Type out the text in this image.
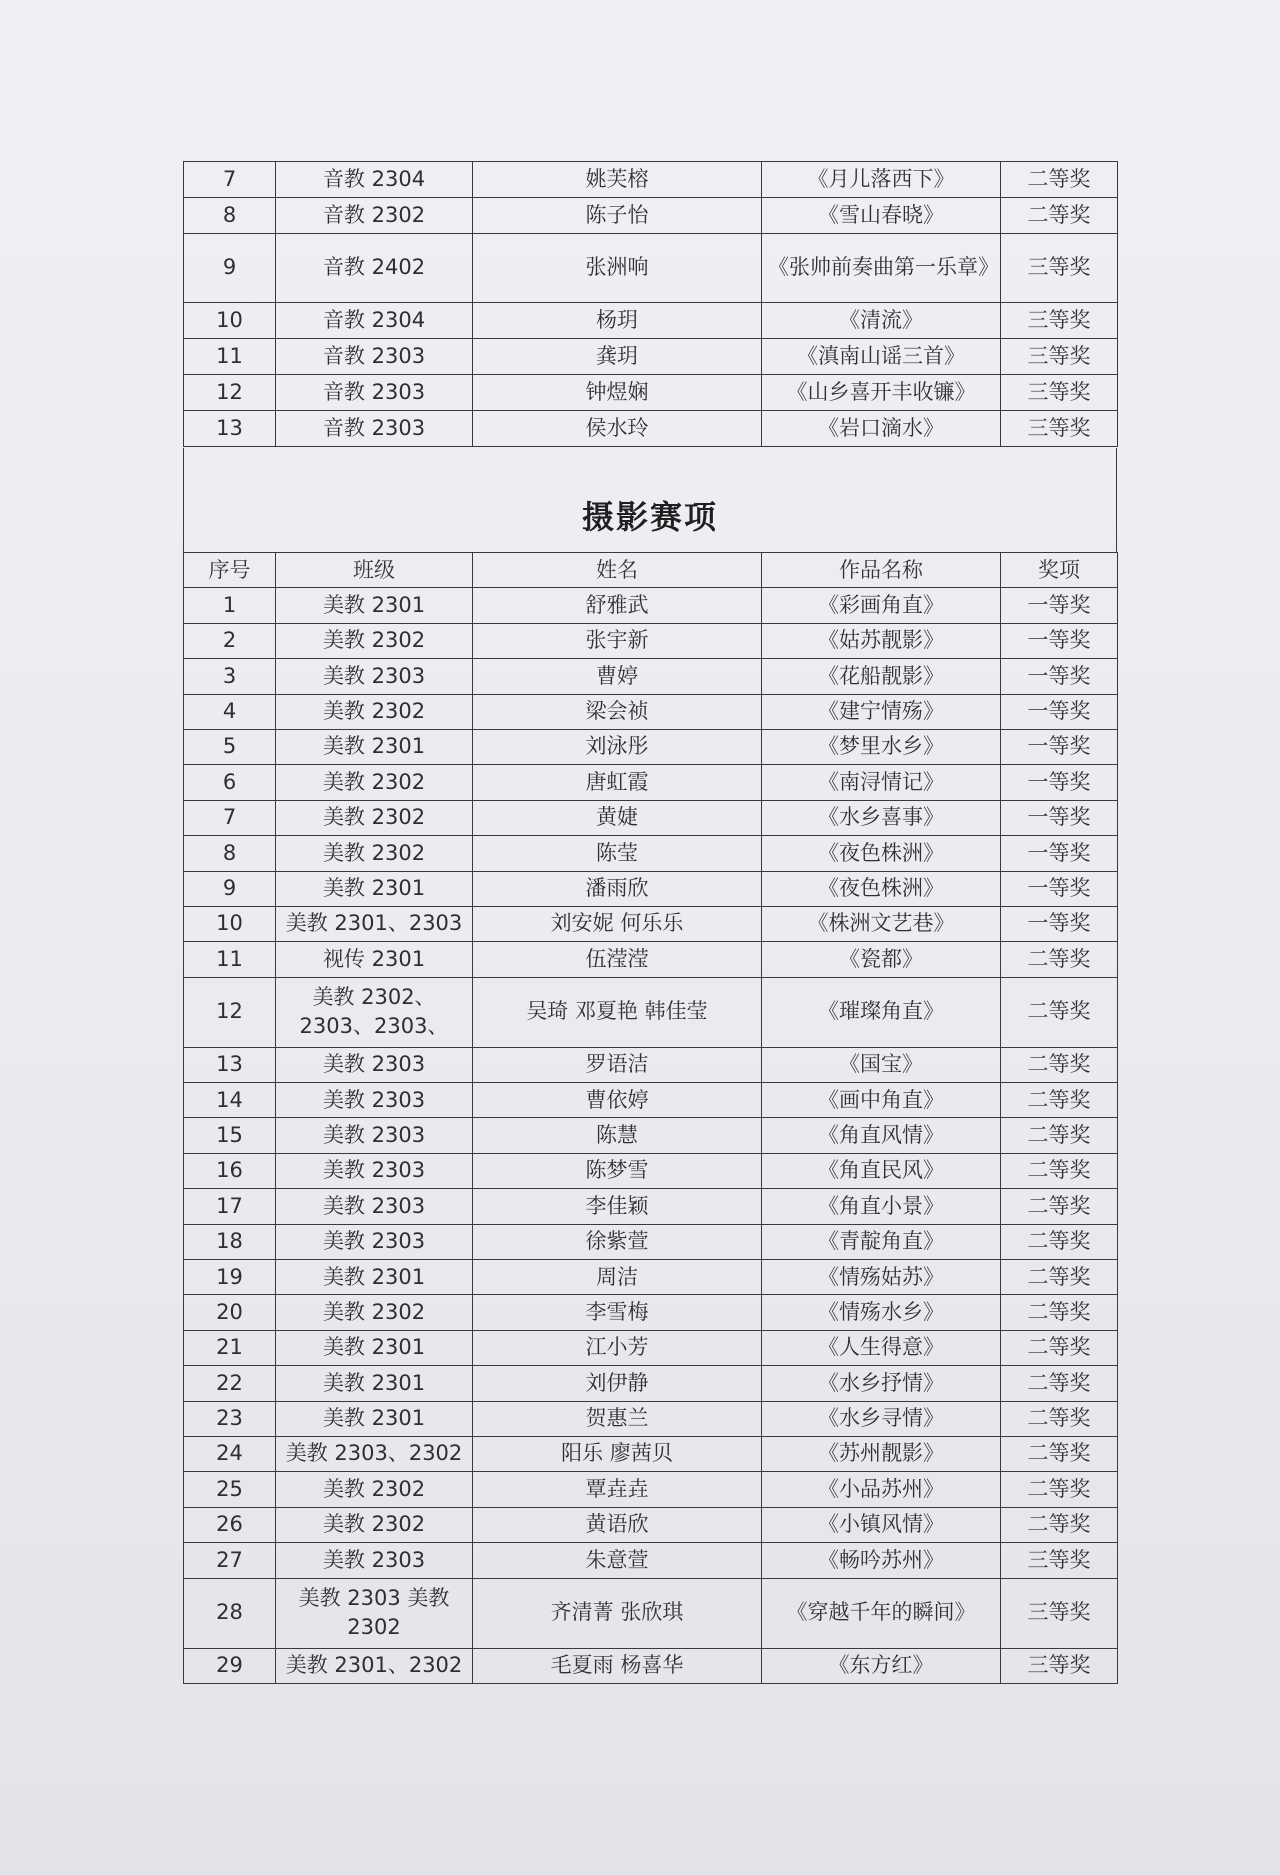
7	音教 2304	姚芙榕	《月儿落西下》	二等奖
8	音教 2302	陈子怡	《雪山春晓》	二等奖
9	音教 2402	张洲响	《张帅前奏曲第一乐章》	三等奖
10	音教 2304	杨玥	《清流》	三等奖
11	音教 2303	龚玥	《滇南山谣三首》	三等奖
12	音教 2303	钟煜娴	《山乡喜开丰收镰》	三等奖
13	音教 2303	侯水玲	《岩口滴水》	三等奖
摄影赛项
序号	班级	姓名	作品名称	奖项
1	美教 2301	舒雅武	《彩画角直》	一等奖
2	美教 2302	张宇新	《姑苏靓影》	一等奖
3	美教 2303	曹婷	《花船靓影》	一等奖
4	美教 2302	梁会祯	《建宁情殇》	一等奖
5	美教 2301	刘泳彤	《梦里水乡》	一等奖
6	美教 2302	唐虹霞	《南浔情记》	一等奖
7	美教 2302	黄婕	《水乡喜事》	一等奖
8	美教 2302	陈莹	《夜色株洲》	一等奖
9	美教 2301	潘雨欣	《夜色株洲》	一等奖
10	美教 2301、2303	刘安妮 何乐乐	《株洲文艺巷》	一等奖
11	视传 2301	伍滢滢	《瓷都》	二等奖
12	美教 2302、2303、2303、	吴琦 邓夏艳 韩佳莹	《璀璨角直》	二等奖
13	美教 2303	罗语洁	《国宝》	二等奖
14	美教 2303	曹依婷	《画中角直》	二等奖
15	美教 2303	陈慧	《角直风情》	二等奖
16	美教 2303	陈梦雪	《角直民风》	二等奖
17	美教 2303	李佳颖	《角直小景》	二等奖
18	美教 2303	徐紫萱	《青靛角直》	二等奖
19	美教 2301	周洁	《情殇姑苏》	二等奖
20	美教 2302	李雪梅	《情殇水乡》	二等奖
21	美教 2301	江小芳	《人生得意》	二等奖
22	美教 2301	刘伊静	《水乡抒情》	二等奖
23	美教 2301	贺惠兰	《水乡寻情》	二等奖
24	美教 2303、2302	阳乐 廖茜贝	《苏州靓影》	二等奖
25	美教 2302	覃垚垚	《小品苏州》	二等奖
26	美教 2302	黄语欣	《小镇风情》	二等奖
27	美教 2303	朱意萱	《畅吟苏州》	三等奖
28	美教 2303 美教 2302	齐清菁 张欣琪	《穿越千年的瞬间》	三等奖
29	美教 2301、2302	毛夏雨 杨喜华	《东方红》	三等奖
